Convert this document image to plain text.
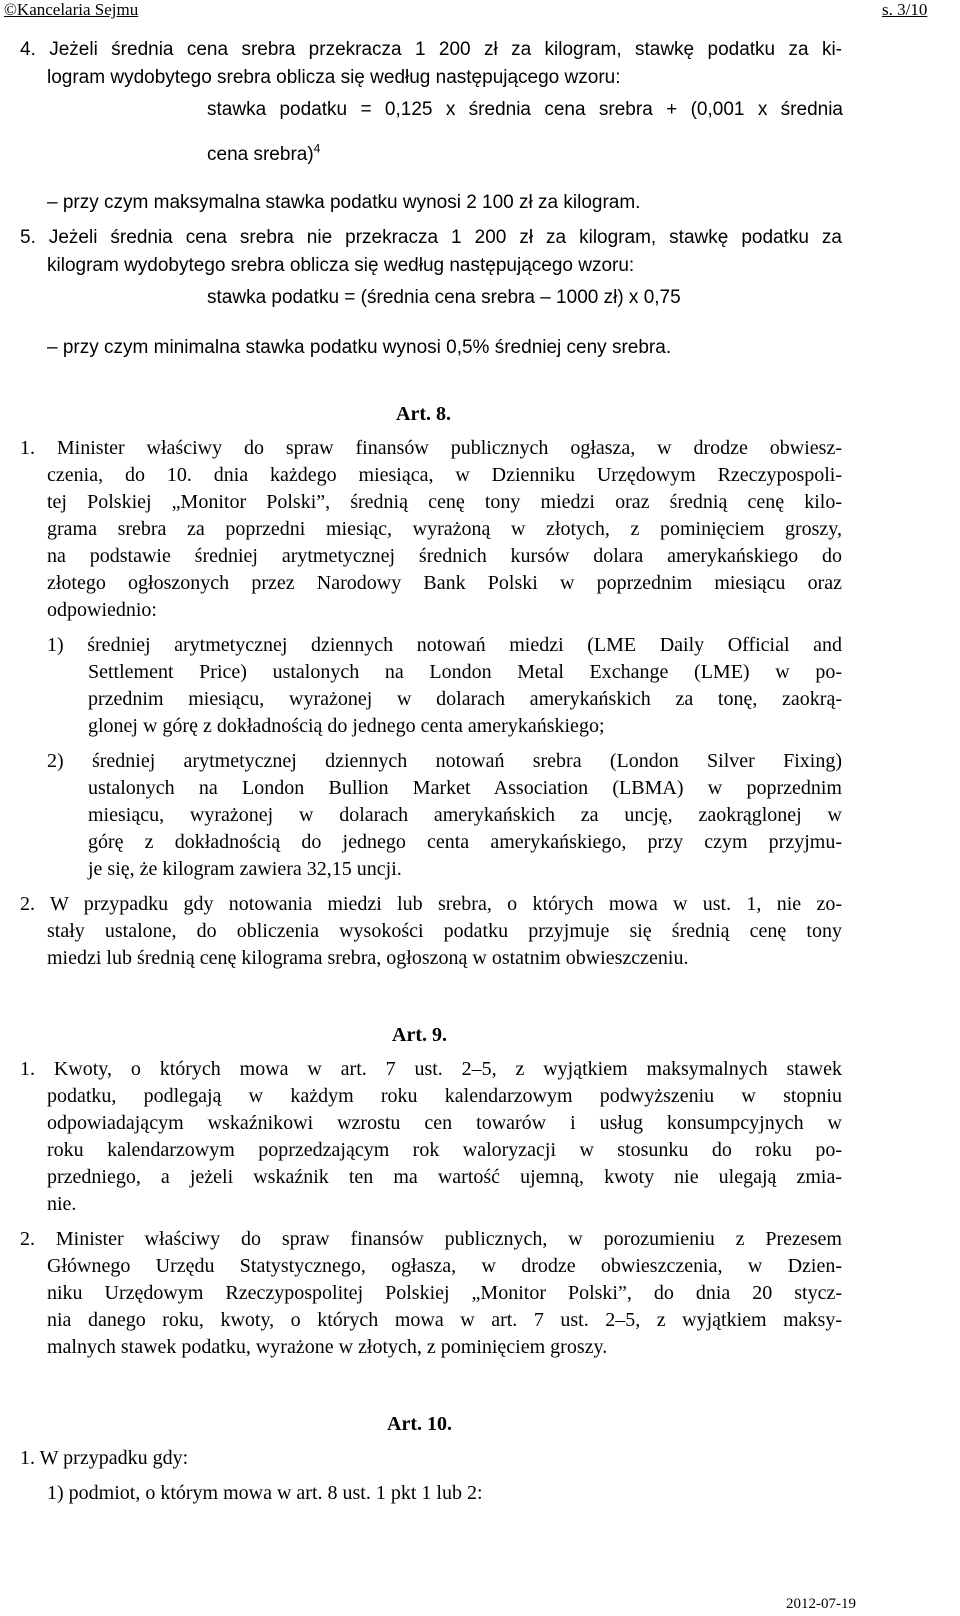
©Kancelaria Sejmu	s. 3/10
4. Jeżeli średnia cena srebra przekracza 1 200 zł za kilogram, stawkę podatku za ki-
logram wydobytego srebra oblicza się według następującego wzoru:
stawka podatku = 0,125 x średnia cena srebra + (0,001 x średnia
cena srebra)$^4$
– przy czym maksymalna stawka podatku wynosi 2 100 zł za kilogram.
5. Jeżeli średnia cena srebra nie przekracza 1 200 zł za kilogram, stawkę podatku za
kilogram wydobytego srebra oblicza się według następującego wzoru:
stawka podatku = (średnia cena srebra – 1000 zł) x 0,75
– przy czym minimalna stawka podatku wynosi 0,5% średniej ceny srebra.
Art. 8.
1. Minister właściwy do spraw finansów publicznych ogłasza, w drodze obwiesz-
czenia, do 10. dnia każdego miesiąca, w Dzienniku Urzędowym Rzeczypospoli-
tej Polskiej „Monitor Polski”, średnią cenę tony miedzi oraz średnią cenę kilo-
grama srebra za poprzedni miesiąc, wyrażoną w złotych, z pominięciem groszy,
na podstawie średniej arytmetycznej średnich kursów dolara amerykańskiego do
złotego ogłoszonych przez Narodowy Bank Polski w poprzednim miesiącu oraz
odpowiednio:
1) średniej arytmetycznej dziennych notowań miedzi (LME Daily Official and
Settlement Price) ustalonych na London Metal Exchange (LME) w po-
przednim miesiącu, wyrażonej w dolarach amerykańskich za tonę, zaokrą-
glonej w górę z dokładnością do jednego centa amerykańskiego;
2) średniej arytmetycznej dziennych notowań srebra (London Silver Fixing)
ustalonych na London Bullion Market Association (LBMA) w poprzednim
miesiącu, wyrażonej w dolarach amerykańskich za uncję, zaokrąglonej w
górę z dokładnością do jednego centa amerykańskiego, przy czym przyjmu-
je się, że kilogram zawiera 32,15 uncji.
2. W przypadku gdy notowania miedzi lub srebra, o których mowa w ust. 1, nie zo-
stały ustalone, do obliczenia wysokości podatku przyjmuje się średnią cenę tony
miedzi lub średnią cenę kilograma srebra, ogłoszoną w ostatnim obwieszczeniu.
Art. 9.
1. Kwoty, o których mowa w art. 7 ust. 2–5, z wyjątkiem maksymalnych stawek
podatku, podlegają w każdym roku kalendarzowym podwyższeniu w stopniu
odpowiadającym wskaźnikowi wzrostu cen towarów i usług konsumpcyjnych w
roku kalendarzowym poprzedzającym rok waloryzacji w stosunku do roku po-
przedniego, a jeżeli wskaźnik ten ma wartość ujemną, kwoty nie ulegają zmia-
nie.
2. Minister właściwy do spraw finansów publicznych, w porozumieniu z Prezesem
Głównego Urzędu Statystycznego, ogłasza, w drodze obwieszczenia, w Dzien-
niku Urzędowym Rzeczypospolitej Polskiej „Monitor Polski”, do dnia 20 stycz-
nia danego roku, kwoty, o których mowa w art. 7 ust. 2–5, z wyjątkiem maksy-
malnych stawek podatku, wyrażone w złotych, z pominięciem groszy.
Art. 10.
1. W przypadku gdy:
1) podmiot, o którym mowa w art. 8 ust. 1 pkt 1 lub 2:
2012-07-19
